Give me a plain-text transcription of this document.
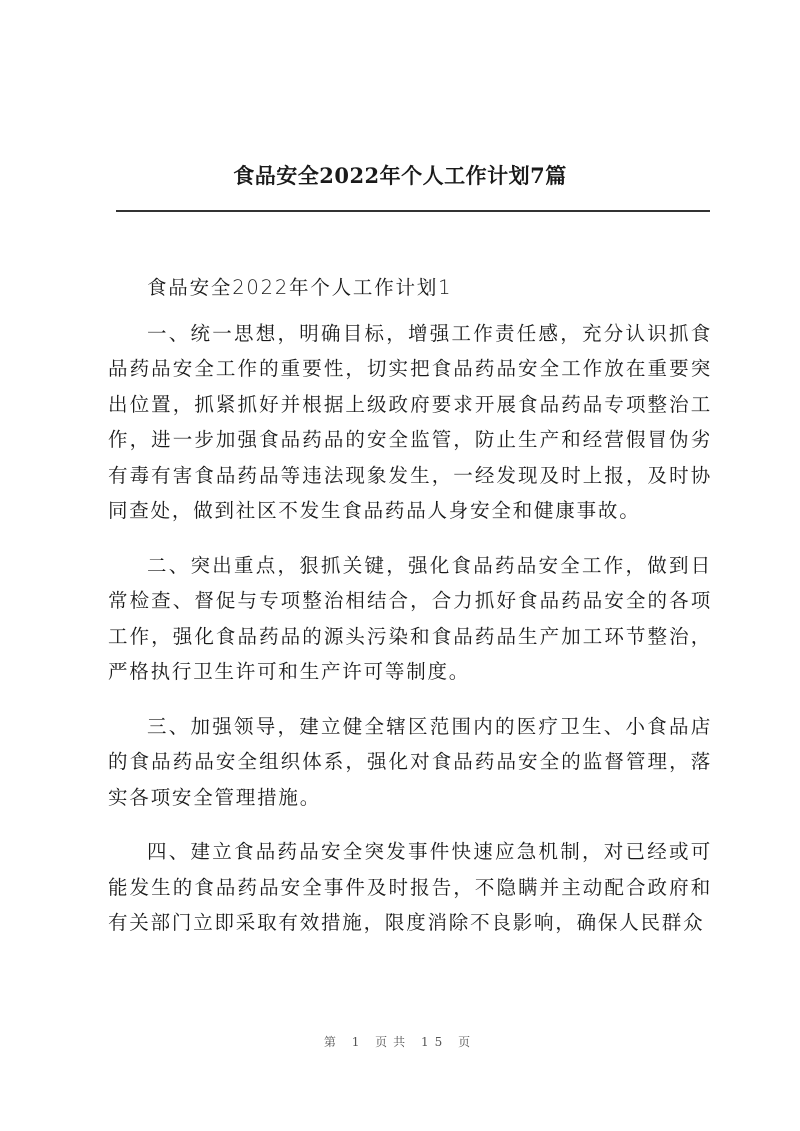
食品安全2022年个人工作计划7篇

食品安全2022年个人工作计划1

一、统一思想，明确目标，增强工作责任感，充分认识抓食品药品安全工作的重要性，切实把食品药品安全工作放在重要突出位置，抓紧抓好并根据上级政府要求开展食品药品专项整治工作，进一步加强食品药品的安全监管，防止生产和经营假冒伪劣有毒有害食品药品等违法现象发生，一经发现及时上报，及时协同查处，做到社区不发生食品药品人身安全和健康事故。

二、突出重点，狠抓关键，强化食品药品安全工作，做到日常检查、督促与专项整治相结合，合力抓好食品药品安全的各项工作，强化食品药品的源头污染和食品药品生产加工环节整治，严格执行卫生许可和生产许可等制度。

三、加强领导，建立健全辖区范围内的医疗卫生、小食品店的食品药品安全组织体系，强化对食品药品安全的监督管理，落实各项安全管理措施。

四、建立食品药品安全突发事件快速应急机制，对已经或可能发生的食品药品安全事件及时报告，不隐瞒并主动配合政府和有关部门立即采取有效措施，限度消除不良影响，确保人民群众

第 1 页共 15 页
